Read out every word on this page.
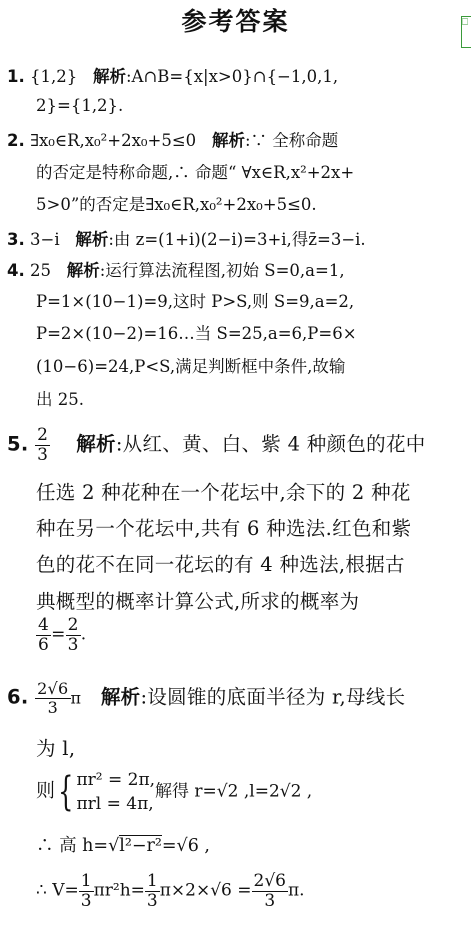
参考答案	⎕
1. {1,2} 解析:A∩B={x|x>0}∩{−1,0,1,
2}={1,2}.
2. ∃x₀∈R,x₀²+2x₀+5≤0 解析:∵ 全称命题
的否定是特称命题,∴ 命题“ ∀x∈R,x²+2x+
5>0”的否定是∃x₀∈R,x₀²+2x₀+5≤0.
3. 3−i 解析:由 z=(1+i)(2−i)=3+i,得z̄=3−i.
4. 25 解析:运行算法流程图,初始 S=0,a=1,
P=1×(10−1)=9,这时 P>S,则 S=9,a=2,
P=2×(10−2)=16…当 S=25,a=6,P=6×
(10−6)=24,P<S,满足判断框中条件,故输
出 25.
5. $\frac{2}{3}$ 解析:从红、黄、白、紫 4 种颜色的花中
任选 2 种花种在一个花坛中,余下的 2 种花
种在另一个花坛中,共有 6 种选法.红色和紫
色的花不在同一花坛的有 4 种选法,根据古
典概型的概率计算公式,所求的概率为
$\frac{4}{6} = \frac{2}{3}$ .
6. $\frac{2√6}{3}$ π 解析:设圆锥的底面半径为 r,母线长
为 l,
则{ πr² = 2π,
πrl = 4π,
解得 r=√2 ,l=2√2 ,
∴ 高 h=√l²−r²=√6 ,
∴ $V= \frac{1}{3} \pi r^2h= \frac{1}{3} \pi\times 2\times√6 = \frac{2√6}{3} \pi$.
